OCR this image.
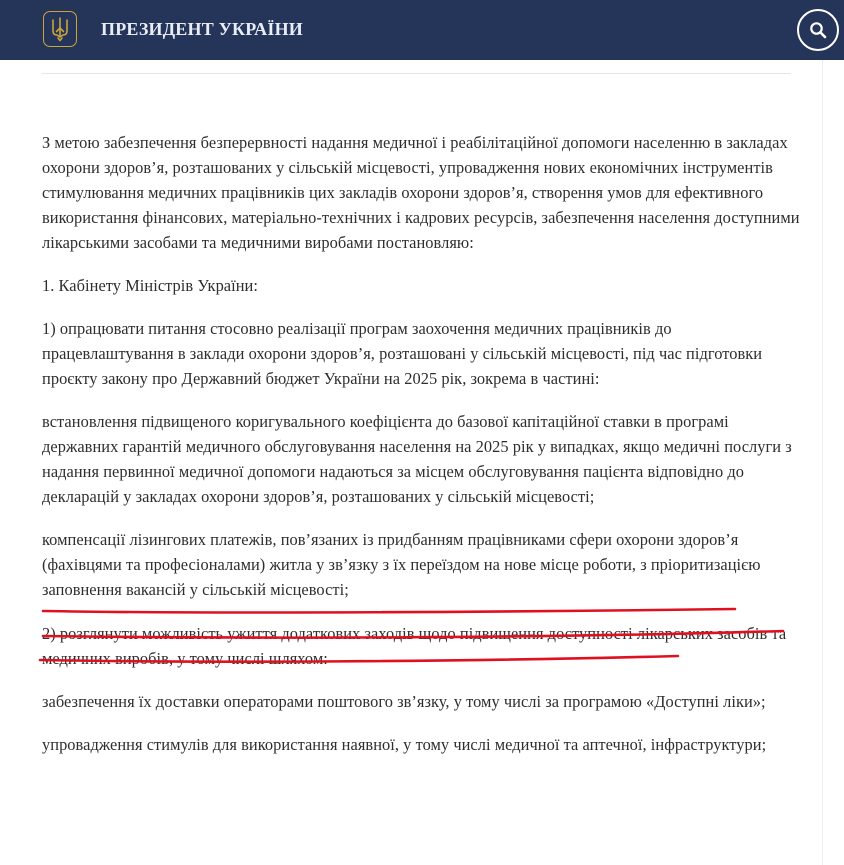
ПРЕЗИДЕНТ УКРАЇНИ

З метою забезпечення безперервності надання медичної і реабілітаційної допомоги населенню в закладах охорони здоров’я, розташованих у сільській місцевості, упровадження нових економічних інструментів стимулювання медичних працівників цих закладів охорони здоров’я, створення умов для ефективного використання фінансових, матеріально-технічних і кадрових ресурсів, забезпечення населення доступними лікарськими засобами та медичними виробами постановляю:

1. Кабінету Міністрів України:

1) опрацювати питання стосовно реалізації програм заохочення медичних працівників до працевлаштування в заклади охорони здоров’я, розташовані у сільській місцевості, під час підготовки проєкту закону про Державний бюджет України на 2025 рік, зокрема в частині:

встановлення підвищеного коригувального коефіцієнта до базової капітаційної ставки в програмі державних гарантій медичного обслуговування населення на 2025 рік у випадках, якщо медичні послуги з надання первинної медичної допомоги надаються за місцем обслуговування пацієнта відповідно до декларацій у закладах охорони здоров’я, розташованих у сільській місцевості;

компенсації лізингових платежів, пов’язаних із придбанням працівниками сфери охорони здоров’я (фахівцями та професіоналами) житла у зв’язку з їх переїздом на нове місце роботи, з пріоритизацією заповнення вакансій у сільській місцевості;

2) розглянути можливість ужиття додаткових заходів щодо підвищення доступності лікарських засобів та медичних виробів, у тому числі шляхом:

забезпечення їх доставки операторами поштового зв’язку, у тому числі за програмою «Доступні ліки»;

упровадження стимулів для використання наявної, у тому числі медичної та аптечної, інфраструктури;
